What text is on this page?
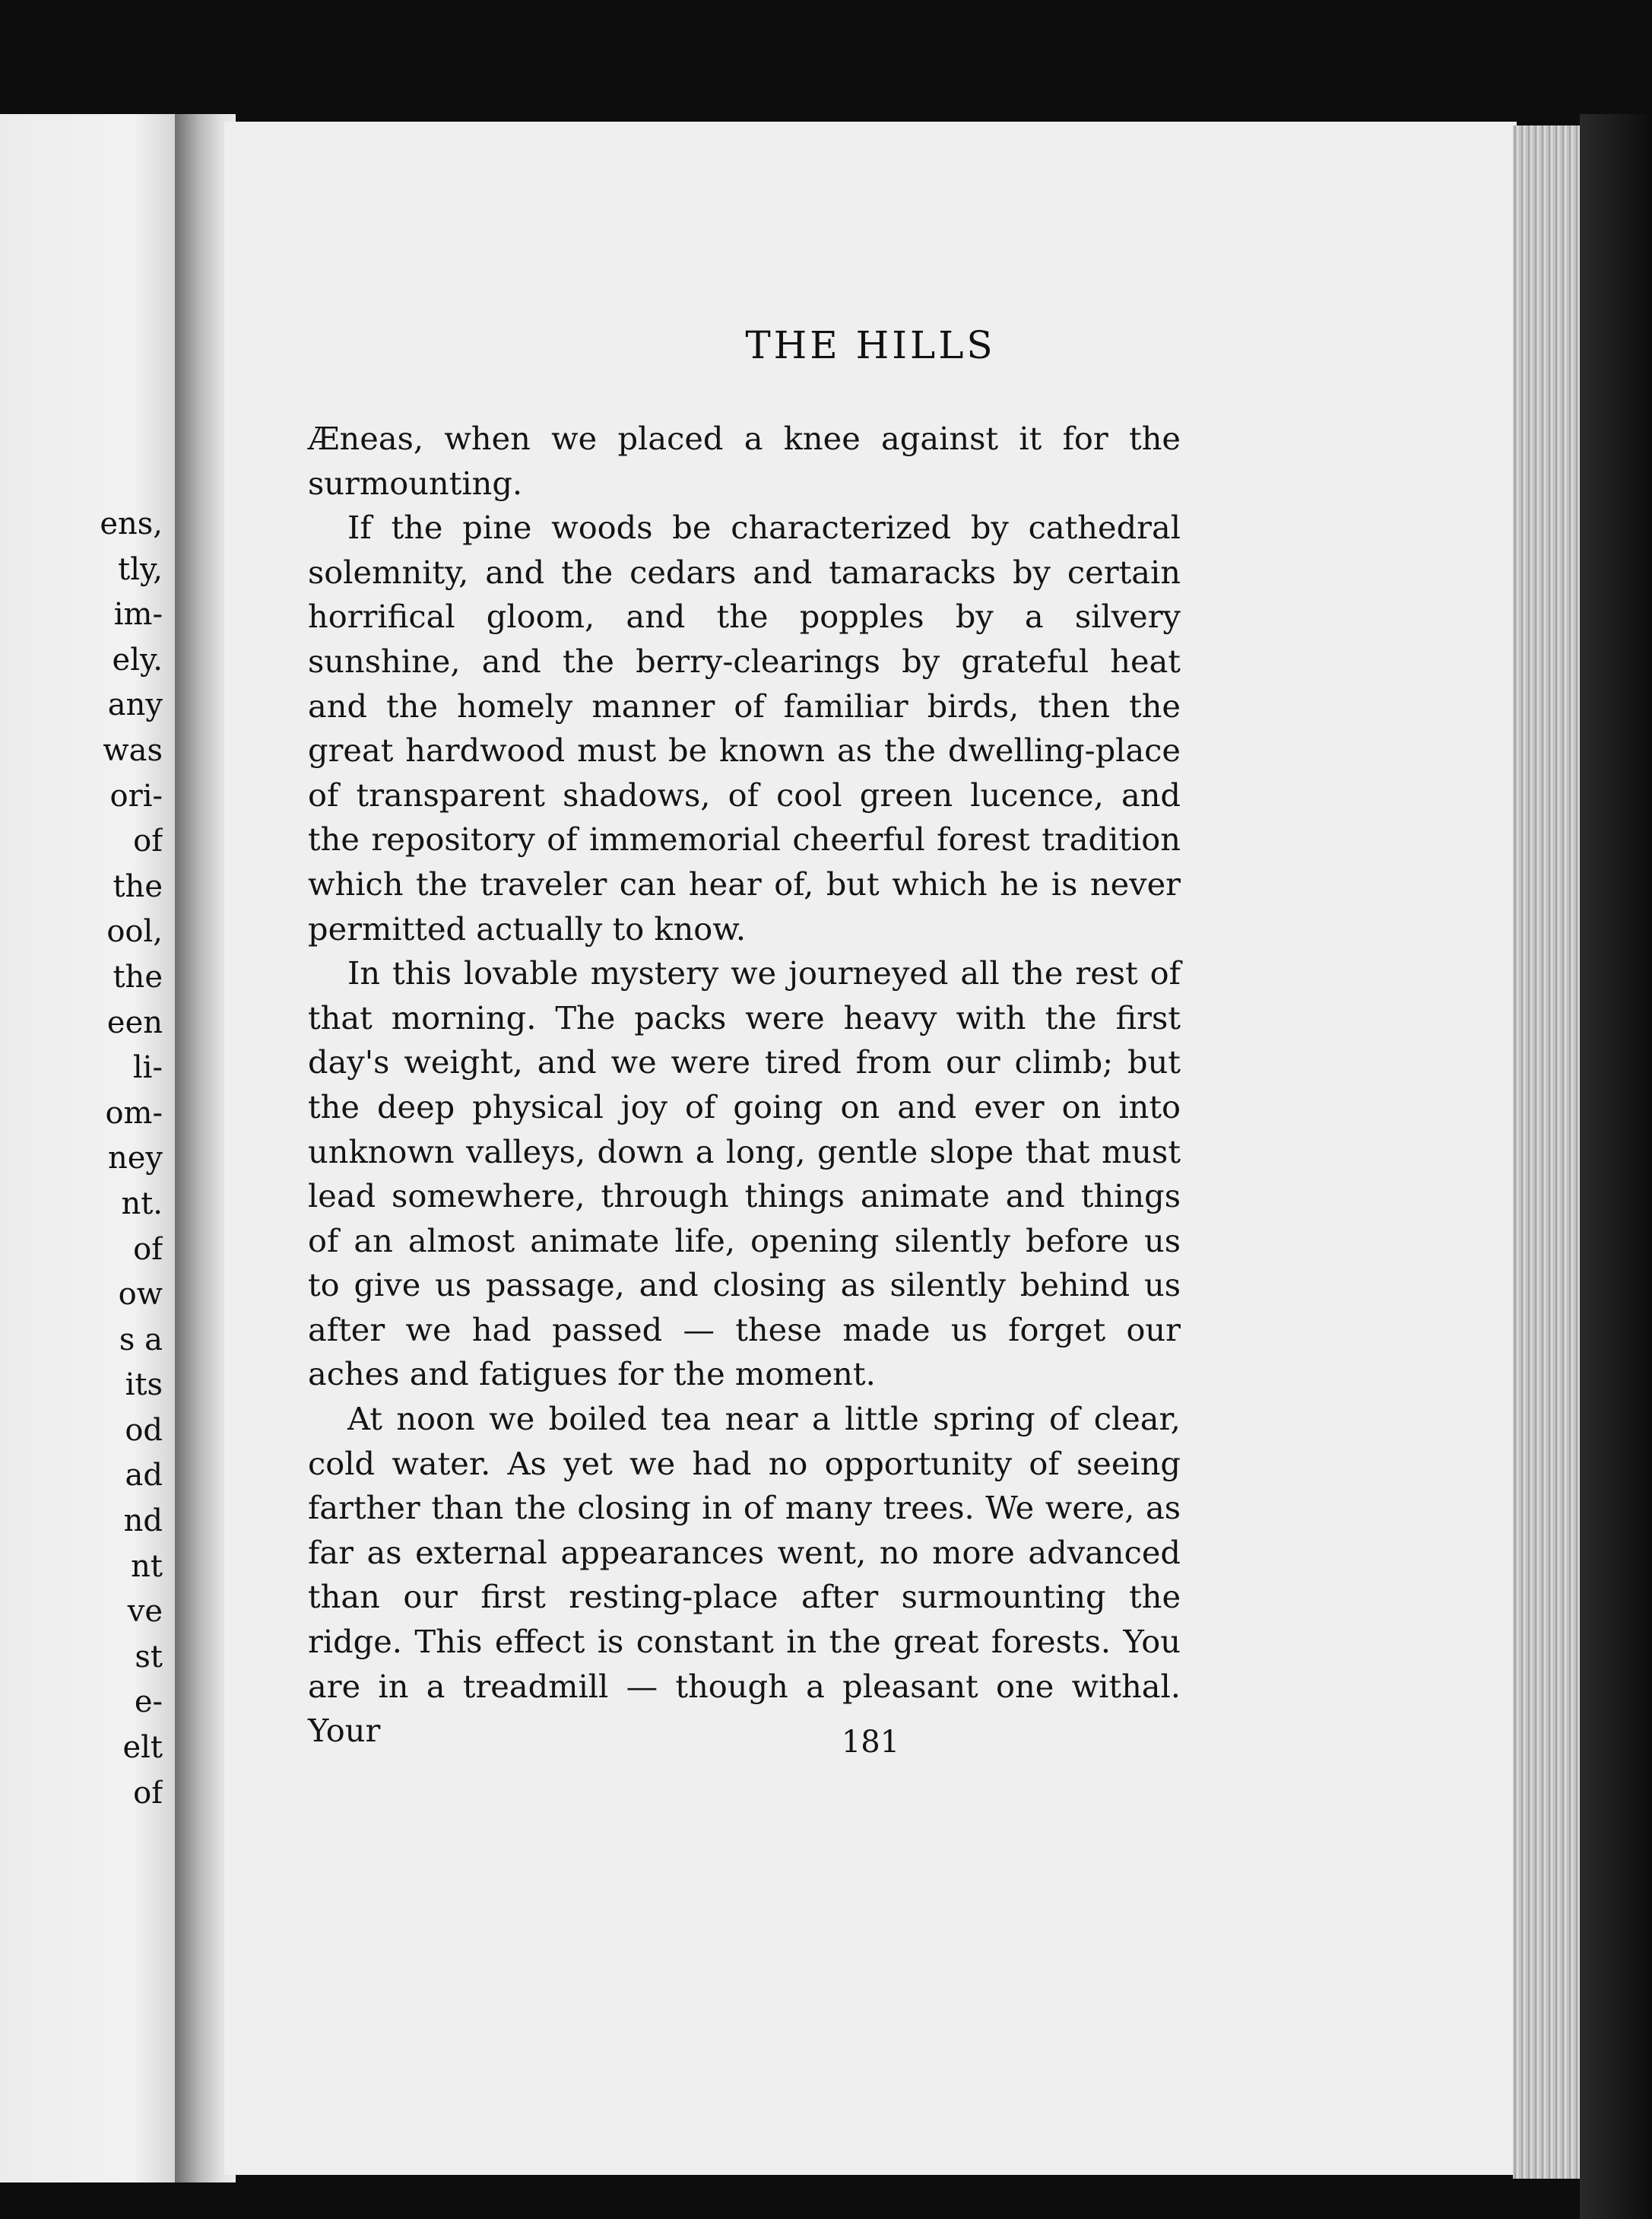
ens,
tly,
im-
ely.
any
was
ori-
of
the
ool,
the
een
li-
om-
ney
nt.
of
ow
s a
its
od
ad
nd
nt
ve
st
e-
elt
of
THE HILLS

Æneas, when we placed a knee against it for the surmounting.

If the pine woods be characterized by cathedral solemnity, and the cedars and tamaracks by certain horrifical gloom, and the popples by a silvery sunshine, and the berry-clearings by grateful heat and the homely manner of familiar birds, then the great hardwood must be known as the dwelling-place of transparent shadows, of cool green lucence, and the repository of immemorial cheerful forest tradition which the traveler can hear of, but which he is never permitted actually to know.

In this lovable mystery we journeyed all the rest of that morning. The packs were heavy with the first day's weight, and we were tired from our climb; but the deep physical joy of going on and ever on into unknown valleys, down a long, gentle slope that must lead somewhere, through things animate and things of an almost animate life, opening silently before us to give us passage, and closing as silently behind us after we had passed — these made us forget our aches and fatigues for the moment.

At noon we boiled tea near a little spring of clear, cold water. As yet we had no opportunity of seeing farther than the closing in of many trees. We were, as far as external appearances went, no more advanced than our first resting-place after surmounting the ridge. This effect is constant in the great forests. You are in a treadmill — though a pleasant one withal. Your	181
